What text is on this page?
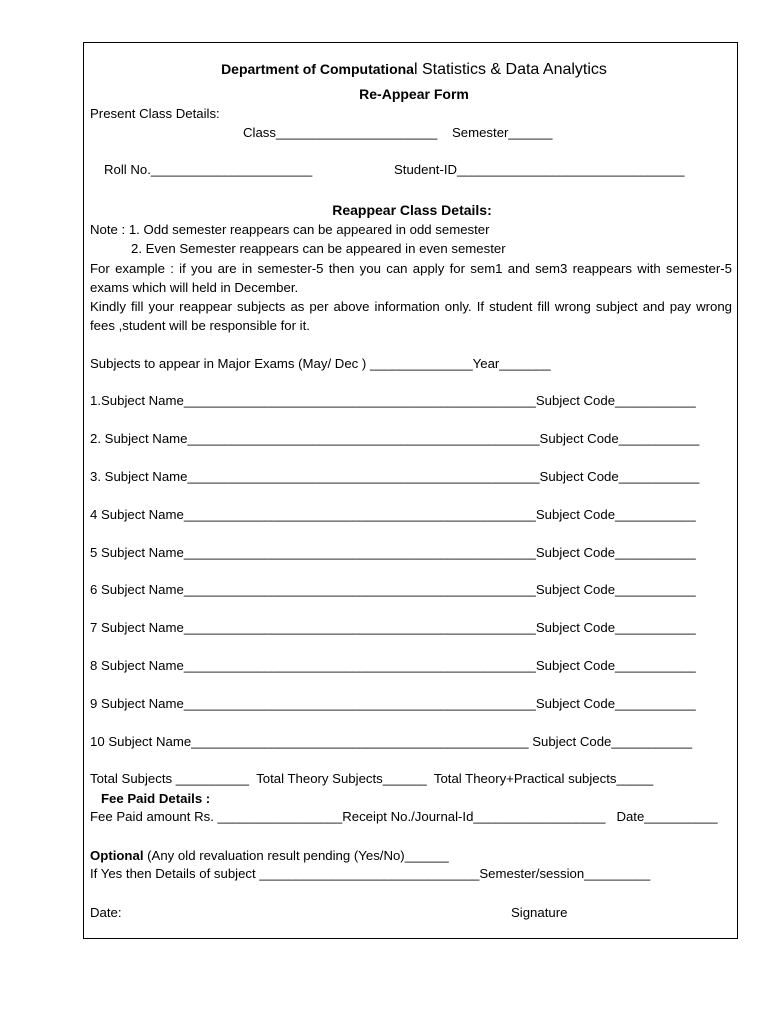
Department of Computational Statistics & Data Analytics
Re-Appear Form
Present Class Details:
Class______________________    Semester______
Roll No.______________________	Student-ID_______________________________
Reappear Class Details:
Note : 1. Odd semester reappears can be appeared in odd semester
2. Even Semester reappears can be appeared in even semester
For example : if you are in semester-5 then you can apply for sem1 and sem3 reappears with semester-5 exams which will held in December.
Kindly fill your reappear subjects as per above information only. If student fill wrong subject and pay wrong fees ,student will be responsible for it.
Subjects to appear in Major Exams (May/ Dec ) ______________Year_______
1.Subject Name________________________________________________Subject Code___________
2. Subject Name________________________________________________Subject Code___________
3. Subject Name________________________________________________Subject Code___________
4 Subject Name________________________________________________Subject Code___________
5 Subject Name________________________________________________Subject Code___________
6 Subject Name________________________________________________Subject Code___________
7 Subject Name________________________________________________Subject Code___________
8 Subject Name________________________________________________Subject Code___________
9 Subject Name________________________________________________Subject Code___________
10 Subject Name______________________________________________ Subject Code___________
Total Subjects __________  Total Theory Subjects______  Total Theory+Practical subjects_____
Fee Paid Details :
Fee Paid amount Rs. _________________Receipt No./Journal-Id__________________   Date__________
Optional (Any old revaluation result pending (Yes/No)______
If Yes then Details of subject ______________________________Semester/session_________
Date:	Signature
